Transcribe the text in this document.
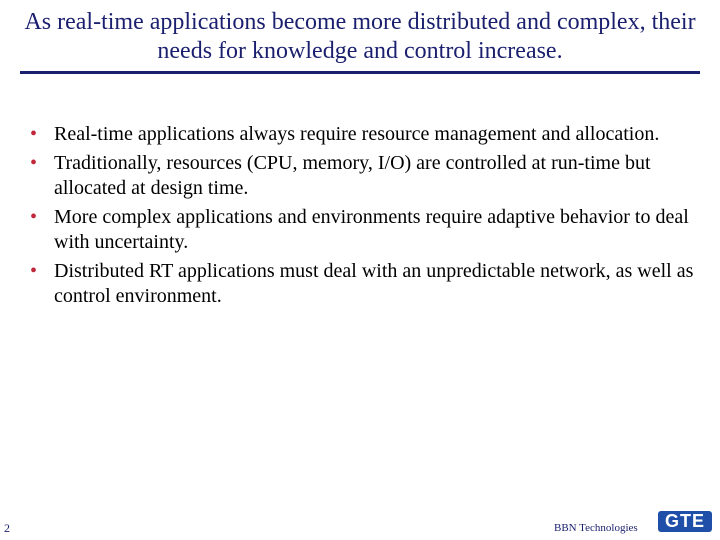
As real-time applications become more distributed and complex, their needs for knowledge and control increase.
• Real-time applications always require resource management and allocation.
• Traditionally, resources (CPU, memory, I/O) are controlled at run-time but allocated at design time.
• More complex applications and environments require adaptive behavior to deal with uncertainty.
• Distributed RT applications must deal with an unpredictable network, as well as control environment.
2	BBN Technologies	GTE
